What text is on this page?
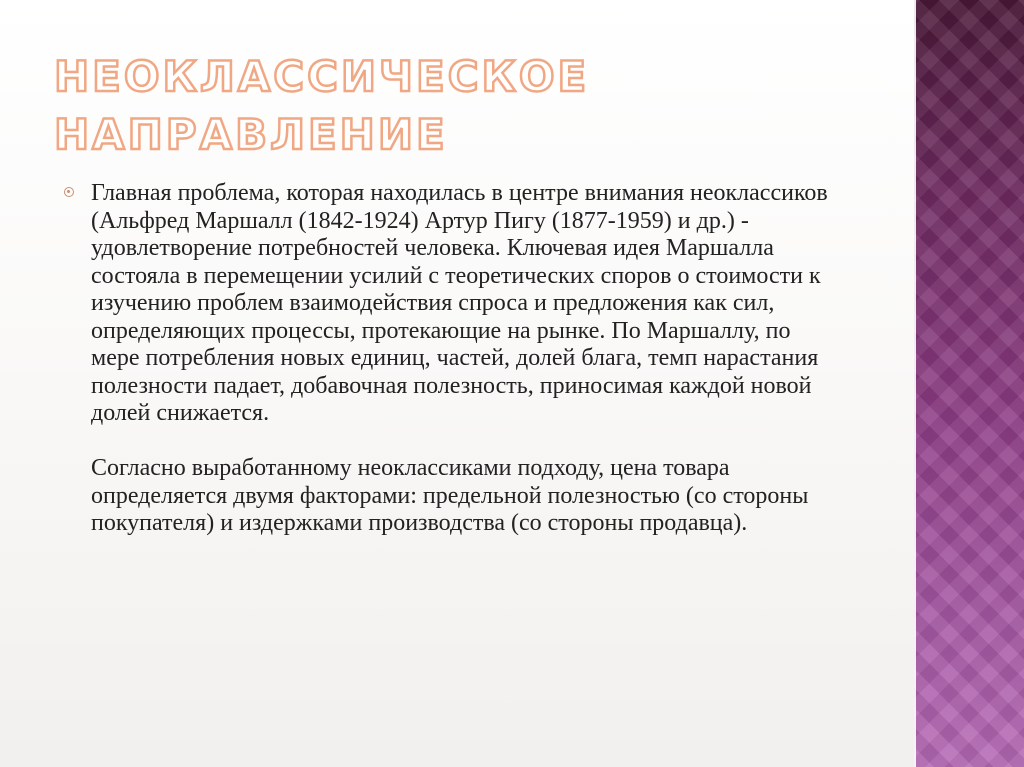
НЕОКЛАССИЧЕСКОЕ НАПРАВЛЕНИЕ

Главная проблема, которая находилась в центре внимания неоклассиков (Альфред Маршалл (1842-1924) Артур Пигу (1877-1959) и др.) - удовлетворение потребностей человека. Ключевая идея Маршалла состояла в перемещении усилий с теоретических споров о стоимости к изучению проблем взаимодействия спроса и предложения как сил, определяющих процессы, протекающие на рынке. По Маршаллу, по мере потребления новых единиц, частей, долей блага, темп нарастания полезности падает, добавочная полезность, приносимая каждой новой долей снижается.

Согласно выработанному неоклассиками подходу, цена товара определяется двумя факторами: предельной полезностью (со стороны покупателя) и издержками производства (со стороны продавца).
